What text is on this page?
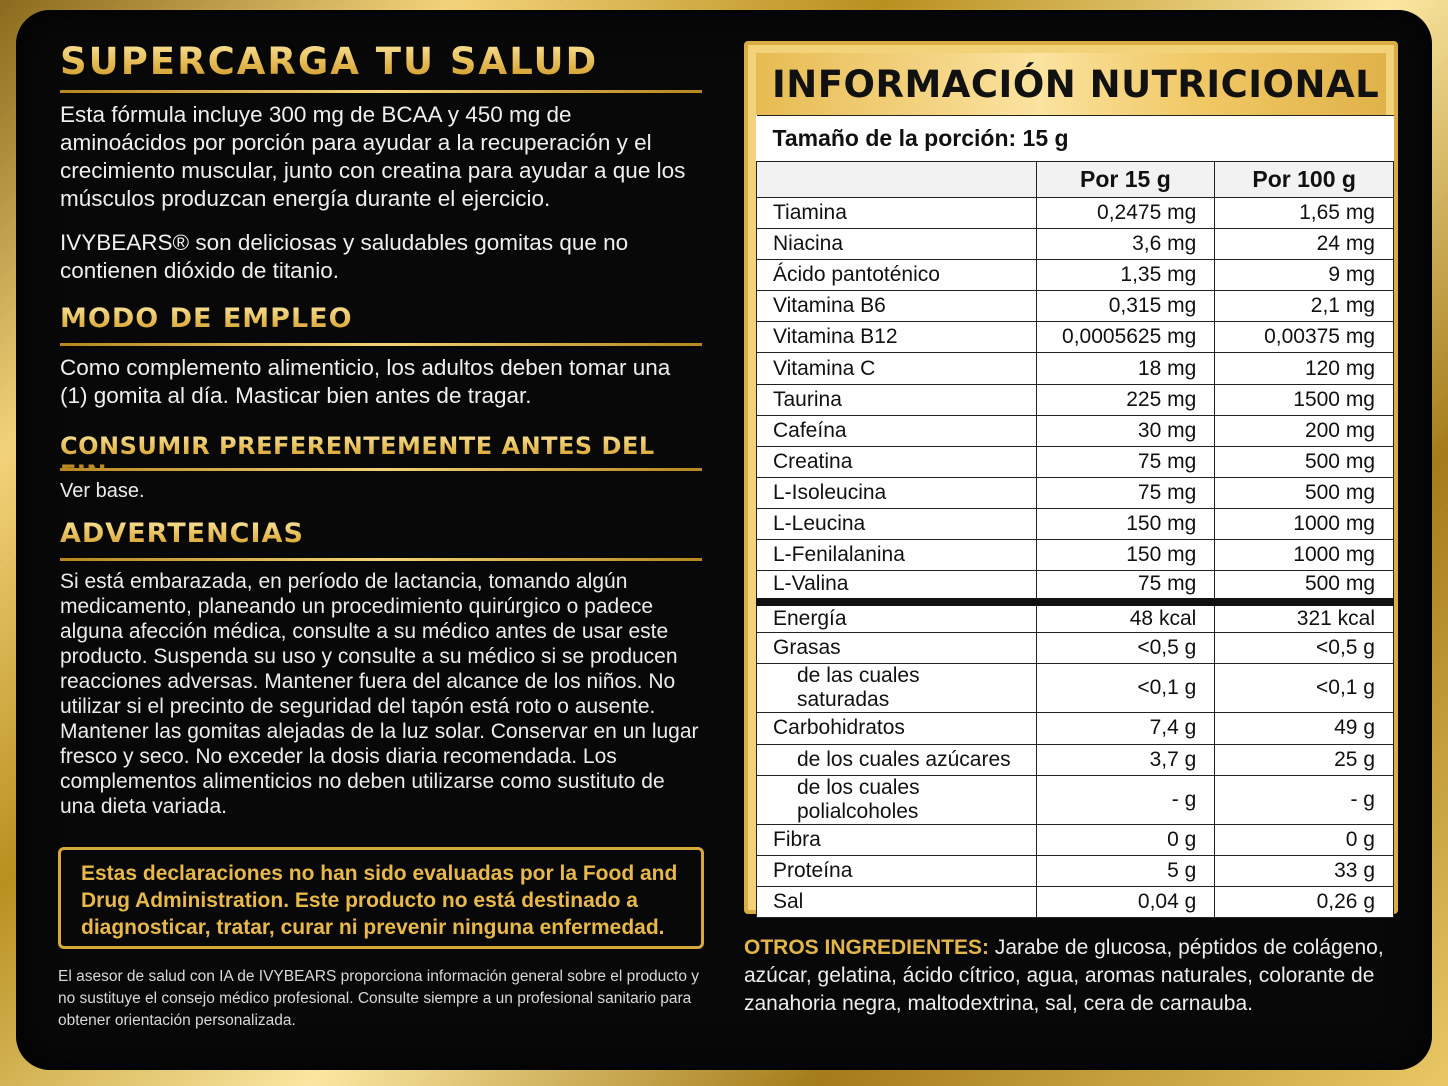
SUPERCARGA TU SALUD

Esta fórmula incluye 300 mg de BCAA y 450 mg de aminoácidos por porción para ayudar a la recuperación y el crecimiento muscular, junto con creatina para ayudar a que los músculos produzcan energía durante el ejercicio.

IVYBEARS® son deliciosas y saludables gomitas que no contienen dióxido de titanio.

MODO DE EMPLEO

Como complemento alimenticio, los adultos deben tomar una (1) gomita al día. Masticar bien antes de tragar.

CONSUMIR PREFERENTEMENTE ANTES DEL FIN

Ver base.

ADVERTENCIAS

Si está embarazada, en período de lactancia, tomando algún medicamento, planeando un procedimiento quirúrgico o padece alguna afección médica, consulte a su médico antes de usar este producto. Suspenda su uso y consulte a su médico si se producen reacciones adversas. Mantener fuera del alcance de los niños. No utilizar si el precinto de seguridad del tapón está roto o ausente. Mantener las gomitas alejadas de la luz solar. Conservar en un lugar fresco y seco. No exceder la dosis diaria recomendada. Los complementos alimenticios no deben utilizarse como sustituto de una dieta variada.

Estas declaraciones no han sido evaluadas por la Food and Drug Administration. Este producto no está destinado a diagnosticar, tratar, curar ni prevenir ninguna enfermedad.
El asesor de salud con IA de IVYBEARS proporciona información general sobre el producto y no sustituye el consejo médico profesional. Consulte siempre a un profesional sanitario para obtener orientación personalizada.
INFORMACIÓN NUTRICIONAL
Tamaño de la porción: 15 g		
	Por 15 g	Por 100 g
Tiamina	0,2475 mg	1,65 mg
Niacina	3,6 mg	24 mg
Ácido pantoténico	1,35 mg	9 mg
Vitamina B6	0,315 mg	2,1 mg
Vitamina B12	0,0005625 mg	0,00375 mg
Vitamina C	18 mg	120 mg
Taurina	225 mg	1500 mg
Cafeína	30 mg	200 mg
Creatina	75 mg	500 mg
L-Isoleucina	75 mg	500 mg
L-Leucina	150 mg	1000 mg
L-Fenilalanina	150 mg	1000 mg
L-Valina	75 mg	500 mg
Energía	48 kcal	321 kcal
Grasas	<0,5 g	<0,5 g
de las cuales saturadas	<0,1 g	<0,1 g
Carbohidratos	7,4 g	49 g
de los cuales azúcares	3,7 g	25 g
de los cuales polialcoholes	- g	- g
Fibra	0 g	0 g
Proteína	5 g	33 g
Sal	0,04 g	0,26 g
OTROS INGREDIENTES: Jarabe de glucosa, péptidos de colágeno, azúcar, gelatina, ácido cítrico, agua, aromas naturales, colorante de zanahoria negra, maltodextrina, sal, cera de carnauba.
